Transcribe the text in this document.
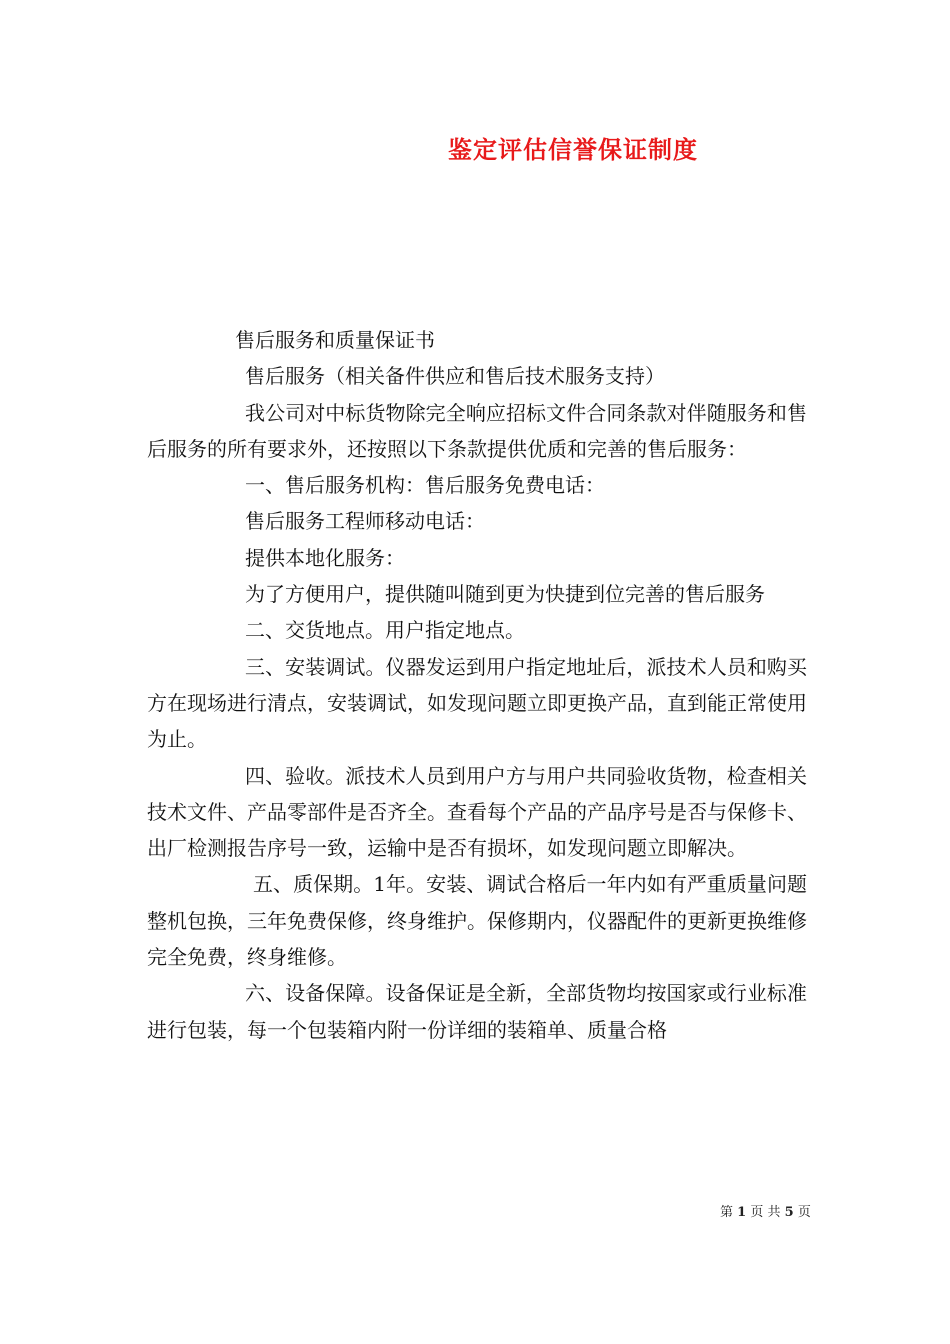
鉴定评估信誉保证制度

售后服务和质量保证书

售后服务（相关备件供应和售后技术服务支持）

我公司对中标货物除完全响应招标文件合同条款对伴随服务和售后服务的所有要求外，还按照以下条款提供优质和完善的售后服务：

一、售后服务机构：售后服务免费电话：

售后服务工程师移动电话：

提供本地化服务：

为了方便用户，提供随叫随到更为快捷到位完善的售后服务

二、交货地点。用户指定地点。

三、安装调试。仪器发运到用户指定地址后，派技术人员和购买方在现场进行清点，安装调试，如发现问题立即更换产品，直到能正常使用为止。

四、验收。派技术人员到用户方与用户共同验收货物，检查相关技术文件、产品零部件是否齐全。查看每个产品的产品序号是否与保修卡、出厂检测报告序号一致，运输中是否有损坏，如发现问题立即解决。

五、质保期。1年。安装、调试合格后一年内如有严重质量问题整机包换，三年免费保修，终身维护。保修期内，仪器配件的更新更换维修完全免费，终身维修。

六、设备保障。设备保证是全新，全部货物均按国家或行业标准进行包装，每一个包装箱内附一份详细的装箱单、质量合格

第 1 页 共 5 页
